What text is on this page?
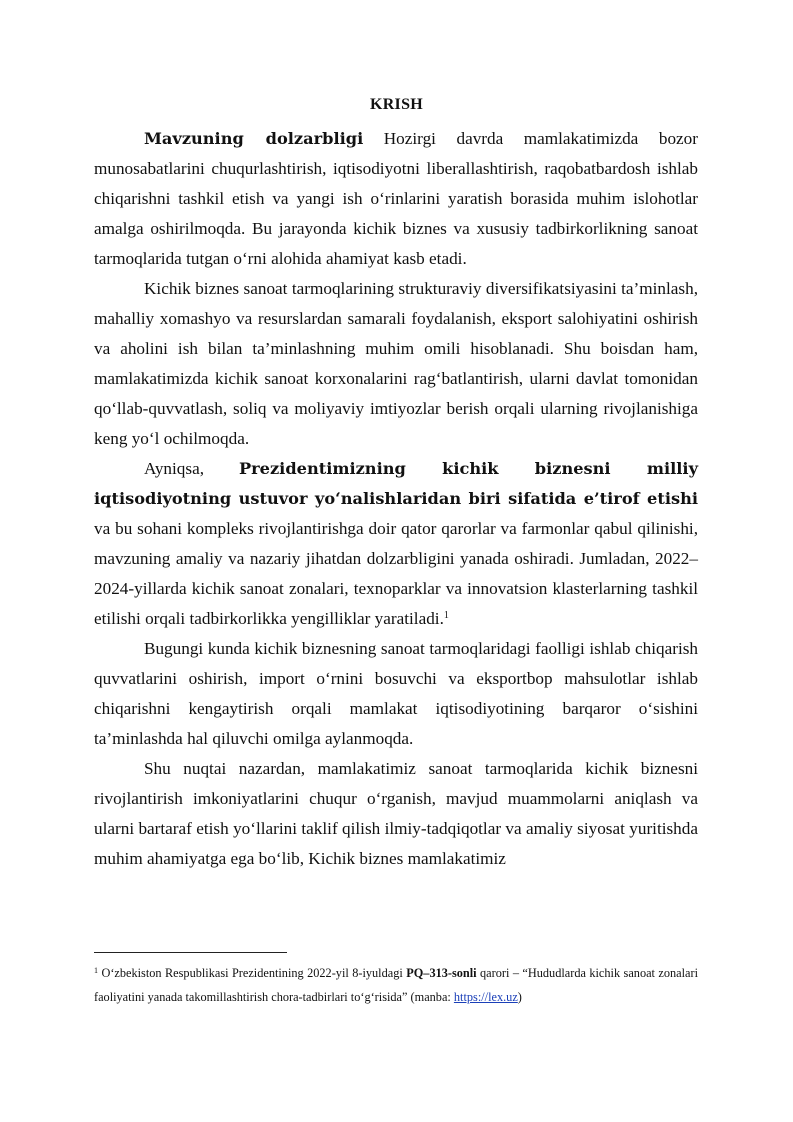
KRISH

Mavzuning dolzarbligi Hozirgi davrda mamlakatimizda bozor munosabatlarini chuqurlashtirish, iqtisodiyotni liberallashtirish, raqobatbardosh ishlab chiqarishni tashkil etish va yangi ish o‘rinlarini yaratish borasida muhim islohotlar amalga oshirilmoqda. Bu jarayonda kichik biznes va xususiy tadbirkorlikning sanoat tarmoqlarida tutgan o‘rni alohida ahamiyat kasb etadi.

Kichik biznes sanoat tarmoqlarining strukturaviy diversifikatsiyasini ta’minlash, mahalliy xomashyo va resurslardan samarali foydalanish, eksport salohiyatini oshirish va aholini ish bilan ta’minlashning muhim omili hisoblanadi. Shu boisdan ham, mamlakatimizda kichik sanoat korxonalarini rag‘batlantirish, ularni davlat tomonidan qo‘llab-quvvatlash, soliq va moliyaviy imtiyozlar berish orqali ularning rivojlanishiga keng yo‘l ochilmoqda.

Ayniqsa, Prezidentimizning kichik biznesni milliy iqtisodiyotning ustuvor yo‘nalishlaridan biri sifatida e’tirof etishi va bu sohani kompleks rivojlantirishga doir qator qarorlar va farmonlar qabul qilinishi, mavzuning amaliy va nazariy jihatdan dolzarbligini yanada oshiradi. Jumladan, 2022–2024-yillarda kichik sanoat zonalari, texnoparklar va innovatsion klasterlarning tashkil etilishi orqali tadbirkorlikka yengilliklar yaratiladi.$^1$

Bugungi kunda kichik biznesning sanoat tarmoqlaridagi faolligi ishlab chiqarish quvvatlarini oshirish, import o‘rnini bosuvchi va eksportbop mahsulotlar ishlab chiqarishni kengaytirish orqali mamlakat iqtisodiyotining barqaror o‘sishini ta’minlashda hal qiluvchi omilga aylanmoqda.

Shu nuqtai nazardan, mamlakatimiz sanoat tarmoqlarida kichik biznesni rivojlantirish imkoniyatlarini chuqur o‘rganish, mavjud muammolarni aniqlash va ularni bartaraf etish yo‘llarini taklif qilish ilmiy-tadqiqotlar va amaliy siyosat yuritishda muhim ahamiyatga ega bo‘lib, Kichik biznes mamlakatimiz

$^1$ O‘zbekiston Respublikasi Prezidentining 2022-yil 8-iyuldagi PQ–313-sonli qarori – “Hududlarda kichik sanoat zonalari faoliyatini yanada takomillashtirish chora-tadbirlari to‘g‘risida” (manba: https://lex.uz)
